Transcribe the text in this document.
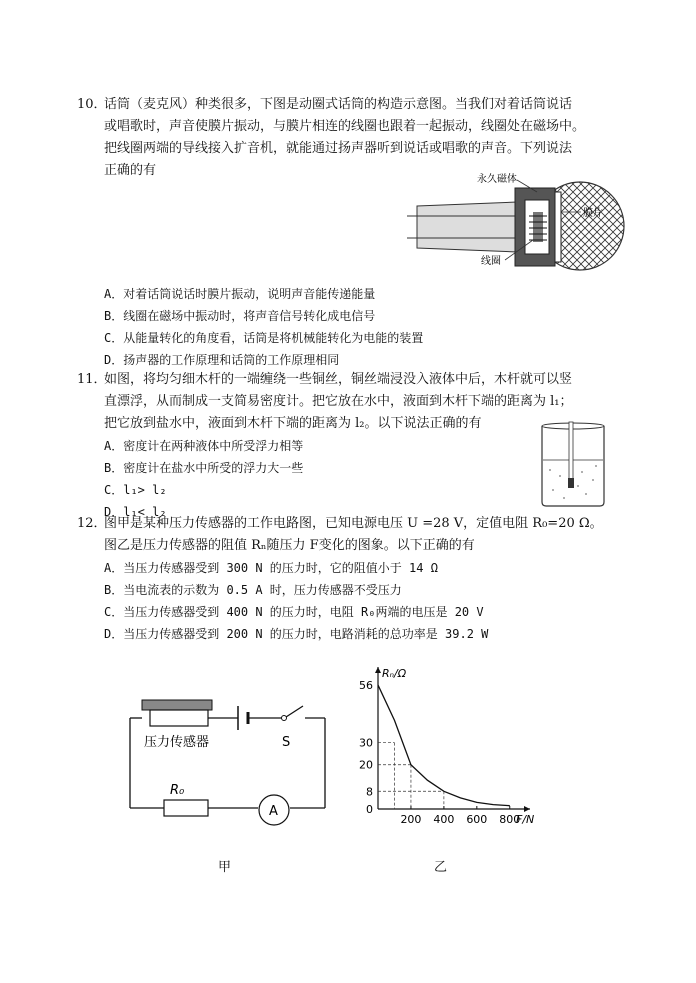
10．
话筒（麦克风）种类很多，下图是动圈式话筒的构造示意图。当我们对着话筒说话
或唱歌时，声音使膜片振动，与膜片相连的线圈也跟着一起振动，线圈处在磁场中。
把线圈两端的导线接入扩音机，就能通过扬声器听到说话或唱歌的声音。下列说法
正确的有
永久磁体
膜片
线圈
A．对着话筒说话时膜片振动，说明声音能传递能量
B．线圈在磁场中振动时，将声音信号转化成电信号
C．从能量转化的角度看，话筒是将机械能转化为电能的装置
D．扬声器的工作原理和话筒的工作原理相同
11．
如图，将均匀细木杆的一端缠绕一些铜丝，铜丝端浸没入液体中后，木杆就可以竖
直漂浮，从而制成一支简易密度计。把它放在水中，液面到木杆下端的距离为 l₁；
把它放到盐水中，液面到木杆下端的距离为 l₂。以下说法正确的有
A．密度计在两种液体中所受浮力相等
B．密度计在盐水中所受的浮力大一些
C．l₁> l₂
D．l₁< l₂
12．
图甲是某种压力传感器的工作电路图，已知电源电压 U =28 V，定值电阻 R₀=20 Ω。
图乙是压力传感器的阻值 Rₙ随压力 F变化的图象。以下正确的有
A．当压力传感器受到 300 N 的压力时，它的阻值小于 14 Ω
B．当电流表的示数为 0.5 A 时，压力传感器不受压力
C．当压力传感器受到 400 N 的压力时，电阻 R₀两端的电压是 20 V
D．当压力传感器受到 200 N 的压力时，电路消耗的总功率是 39.2 W
压力传感器	S
R₀
A
甲
Rₙ/Ω
F/N
56
30
20
8
0
200 400 600 800
乙
